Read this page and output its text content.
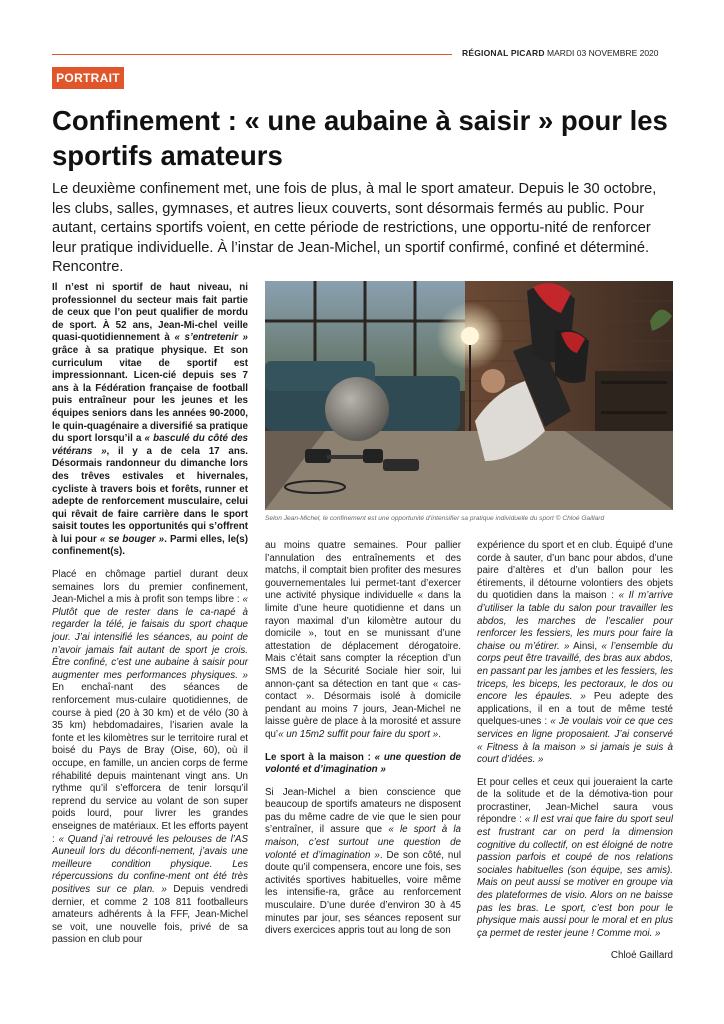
RÉGIONAL PICARD MARDI 03 NOVEMBRE 2020
PORTRAIT
Confinement : « une aubaine à saisir » pour les sportifs amateurs

Le deuxième confinement met, une fois de plus, à mal le sport amateur. Depuis le 30 octobre, les clubs, salles, gymnases, et autres lieux couverts, sont désormais fermés au public. Pour autant, certains sportifs voient, en cette période de restrictions, une opportu-nité de renforcer leur pratique individuelle. À l’instar de Jean-Michel, un sportif confirmé, confiné et déterminé. Rencontre.

Selon Jean-Michel, le confinement est une opportunité d’intensifier sa pratique individuelle du sport © Chloé Gaillard

Il n’est ni sportif de haut niveau, ni professionnel du secteur mais fait partie de ceux que l’on peut qualifier de mordu de sport. À 52 ans, Jean-Mi-chel veille quasi-quotidiennement à « s’entretenir » grâce à sa pratique physique. Et son curriculum vitae de sportif est impressionnant. Licen-cié depuis ses 7 ans à la Fédération française de football puis entraîneur pour les jeunes et les équipes seniors dans les années 90-2000, le quin-quagénaire a diversifié sa pratique du sport lorsqu’il a « basculé du côté des vétérans », il y a de cela 17 ans. Désormais randonneur du dimanche lors des trêves estivales et hivernales, cycliste à travers bois et forêts, runner et adepte de renforcement musculaire, celui qui rêvait de faire carrière dans le sport saisit toutes les opportunités qui s’offrent à lui pour « se bouger ». Parmi elles, le(s) confinement(s).

Placé en chômage partiel durant deux semaines lors du premier confinement, Jean-Michel a mis à profit son temps libre : « Plutôt que de rester dans le ca-napé à regarder la télé, je faisais du sport chaque jour. J’ai intensifié les séances, au point de n’avoir jamais fait autant de sport je crois. Être confiné, c’est une aubaine à saisir pour augmenter mes performances physiques. » En enchaî-nant des séances de renforcement mus-culaire quotidiennes, de course à pied (20 à 30 km) et de vélo (30 à 35 km) hebdomadaires, l’isarien avale la fonte et les kilomètres sur le territoire rural et boisé du Pays de Bray (Oise, 60), où il occupe, en famille, un ancien corps de ferme réhabilité depuis maintenant vingt ans. Un rythme qu’il s’efforcera de tenir lorsqu’il reprend du service au volant de son super poids lourd, pour livrer les grandes enseignes de matériaux. Et les efforts payent : « Quand j’ai retrouvé les pelouses de l’AS Auneuil lors du déconfi-nement, j’avais une meilleure condition physique. Les répercussions du confine-ment ont été très positives sur ce plan. » Depuis vendredi dernier, et comme 2 108 811 footballeurs amateurs adhérents à la FFF, Jean-Michel se voit, une nouvelle fois, privé de sa passion en club pour

au moins quatre semaines. Pour pallier l’annulation des entraînements et des matchs, il comptait bien profiter des mesures gouvernementales lui permet-tant d’exercer une activité physique individuelle « dans la limite d’une heure quotidienne et dans un rayon maximal d’un kilomètre autour du domicile », tout en se munissant d’une attestation de déplacement dérogatoire. Mais c’était sans compter la réception d’un SMS de la Sécurité Sociale hier soir, lui annon-çant sa détection en tant que « cas-contact ». Désormais isolé à domicile pendant au moins 7 jours, Jean-Michel ne laisse guère de place à la morosité et assure qu’« un 15m2 suffit pour faire du sport ».

Le sport à la maison : « une question de volonté et d’imagination »

Si Jean-Michel a bien conscience que beaucoup de sportifs amateurs ne disposent pas du même cadre de vie que le sien pour s’entraîner, il assure que « le sport à la maison, c’est surtout une question de volonté et d’imagination ». De son côté, nul doute qu’il compensera, encore une fois, ses activités sportives habituelles, voire même les intensifie-ra, grâce au renforcement musculaire. D’une durée d’environ 30 à 45 minutes par jour, ses séances reposent sur divers exercices appris tout au long de son

expérience du sport et en club. Équipé d’une corde à sauter, d’un banc pour abdos, d’une paire d’altères et d’un ballon pour les étirements, il détourne volontiers des objets du quotidien dans la maison : « Il m’arrive d’utiliser la table du salon pour travailler les abdos, les marches de l’escalier pour renforcer les fessiers, les murs pour faire la chaise ou m’étirer. » Ainsi, « l’ensemble du corps peut être travaillé, des bras aux abdos, en passant par les jambes et les fessiers, les triceps, les biceps, les pectoraux, le dos ou encore les épaules. » Peu adepte des applications, il en a tout de même testé quelques-unes : « Je voulais voir ce que ces services en ligne proposaient. J’ai conservé « Fitness à la maison » si jamais je suis à court d’idées. »

Et pour celles et ceux qui joueraient la carte de la solitude et de la démotiva-tion pour procrastiner, Jean-Michel saura vous répondre : « Il est vrai que faire du sport seul est frustrant car on perd la dimension cognitive du collectif, on est éloigné de notre passion parfois et coupé de nos relations sociales habituelles (son équipe, ses amis). Mais on peut aussi se motiver en groupe via des plateformes de visio. Alors on ne baisse pas les bras. Le sport, c’est bon pour le physique mais aussi pour le moral et en plus ça permet de rester jeune ! Comme moi. »

Chloé Gaillard
